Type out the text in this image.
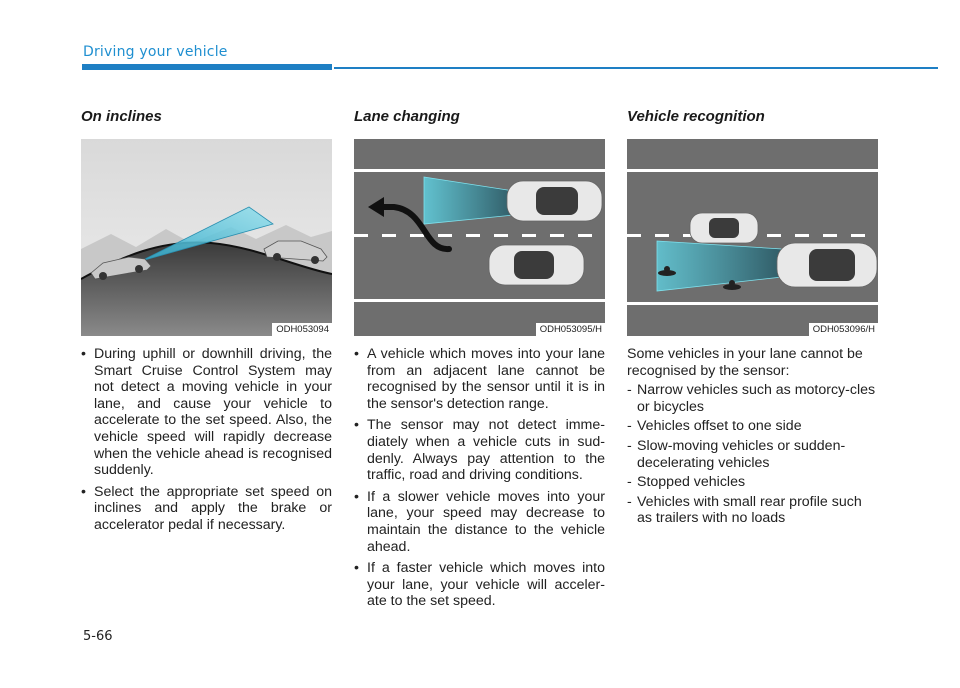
Driving your vehicle
On inclines
ODH053094
• During uphill or downhill driving, the Smart Cruise Control System may not detect a moving vehicle in your lane, and cause your vehicle to accelerate to the set speed. Also, the vehicle speed will rapidly decrease when the vehicle ahead is recognised suddenly.
• Select the appropriate set speed on inclines and apply the brake or accelerator pedal if necessary.
Lane changing
ODH053095/H
• A vehicle which moves into your lane from an adjacent lane cannot be recognised by the sensor until it is in the sensor's detection range.
• The sensor may not detect imme-diately when a vehicle cuts in sud-denly. Always pay attention to the traffic, road and driving conditions.
• If a slower vehicle moves into your lane, your speed may decrease to maintain the distance to the vehicle ahead.
• If a faster vehicle which moves into your lane, your vehicle will acceler-ate to the set speed.
Vehicle recognition
ODH053096/H
Some vehicles in your lane cannot be recognised by the sensor:
- Narrow vehicles such as motorcy-cles or bicycles
- Vehicles offset to one side
- Slow-moving vehicles or sudden-decelerating vehicles
- Stopped vehicles
- Vehicles with small rear profile such as trailers with no loads
5-66
